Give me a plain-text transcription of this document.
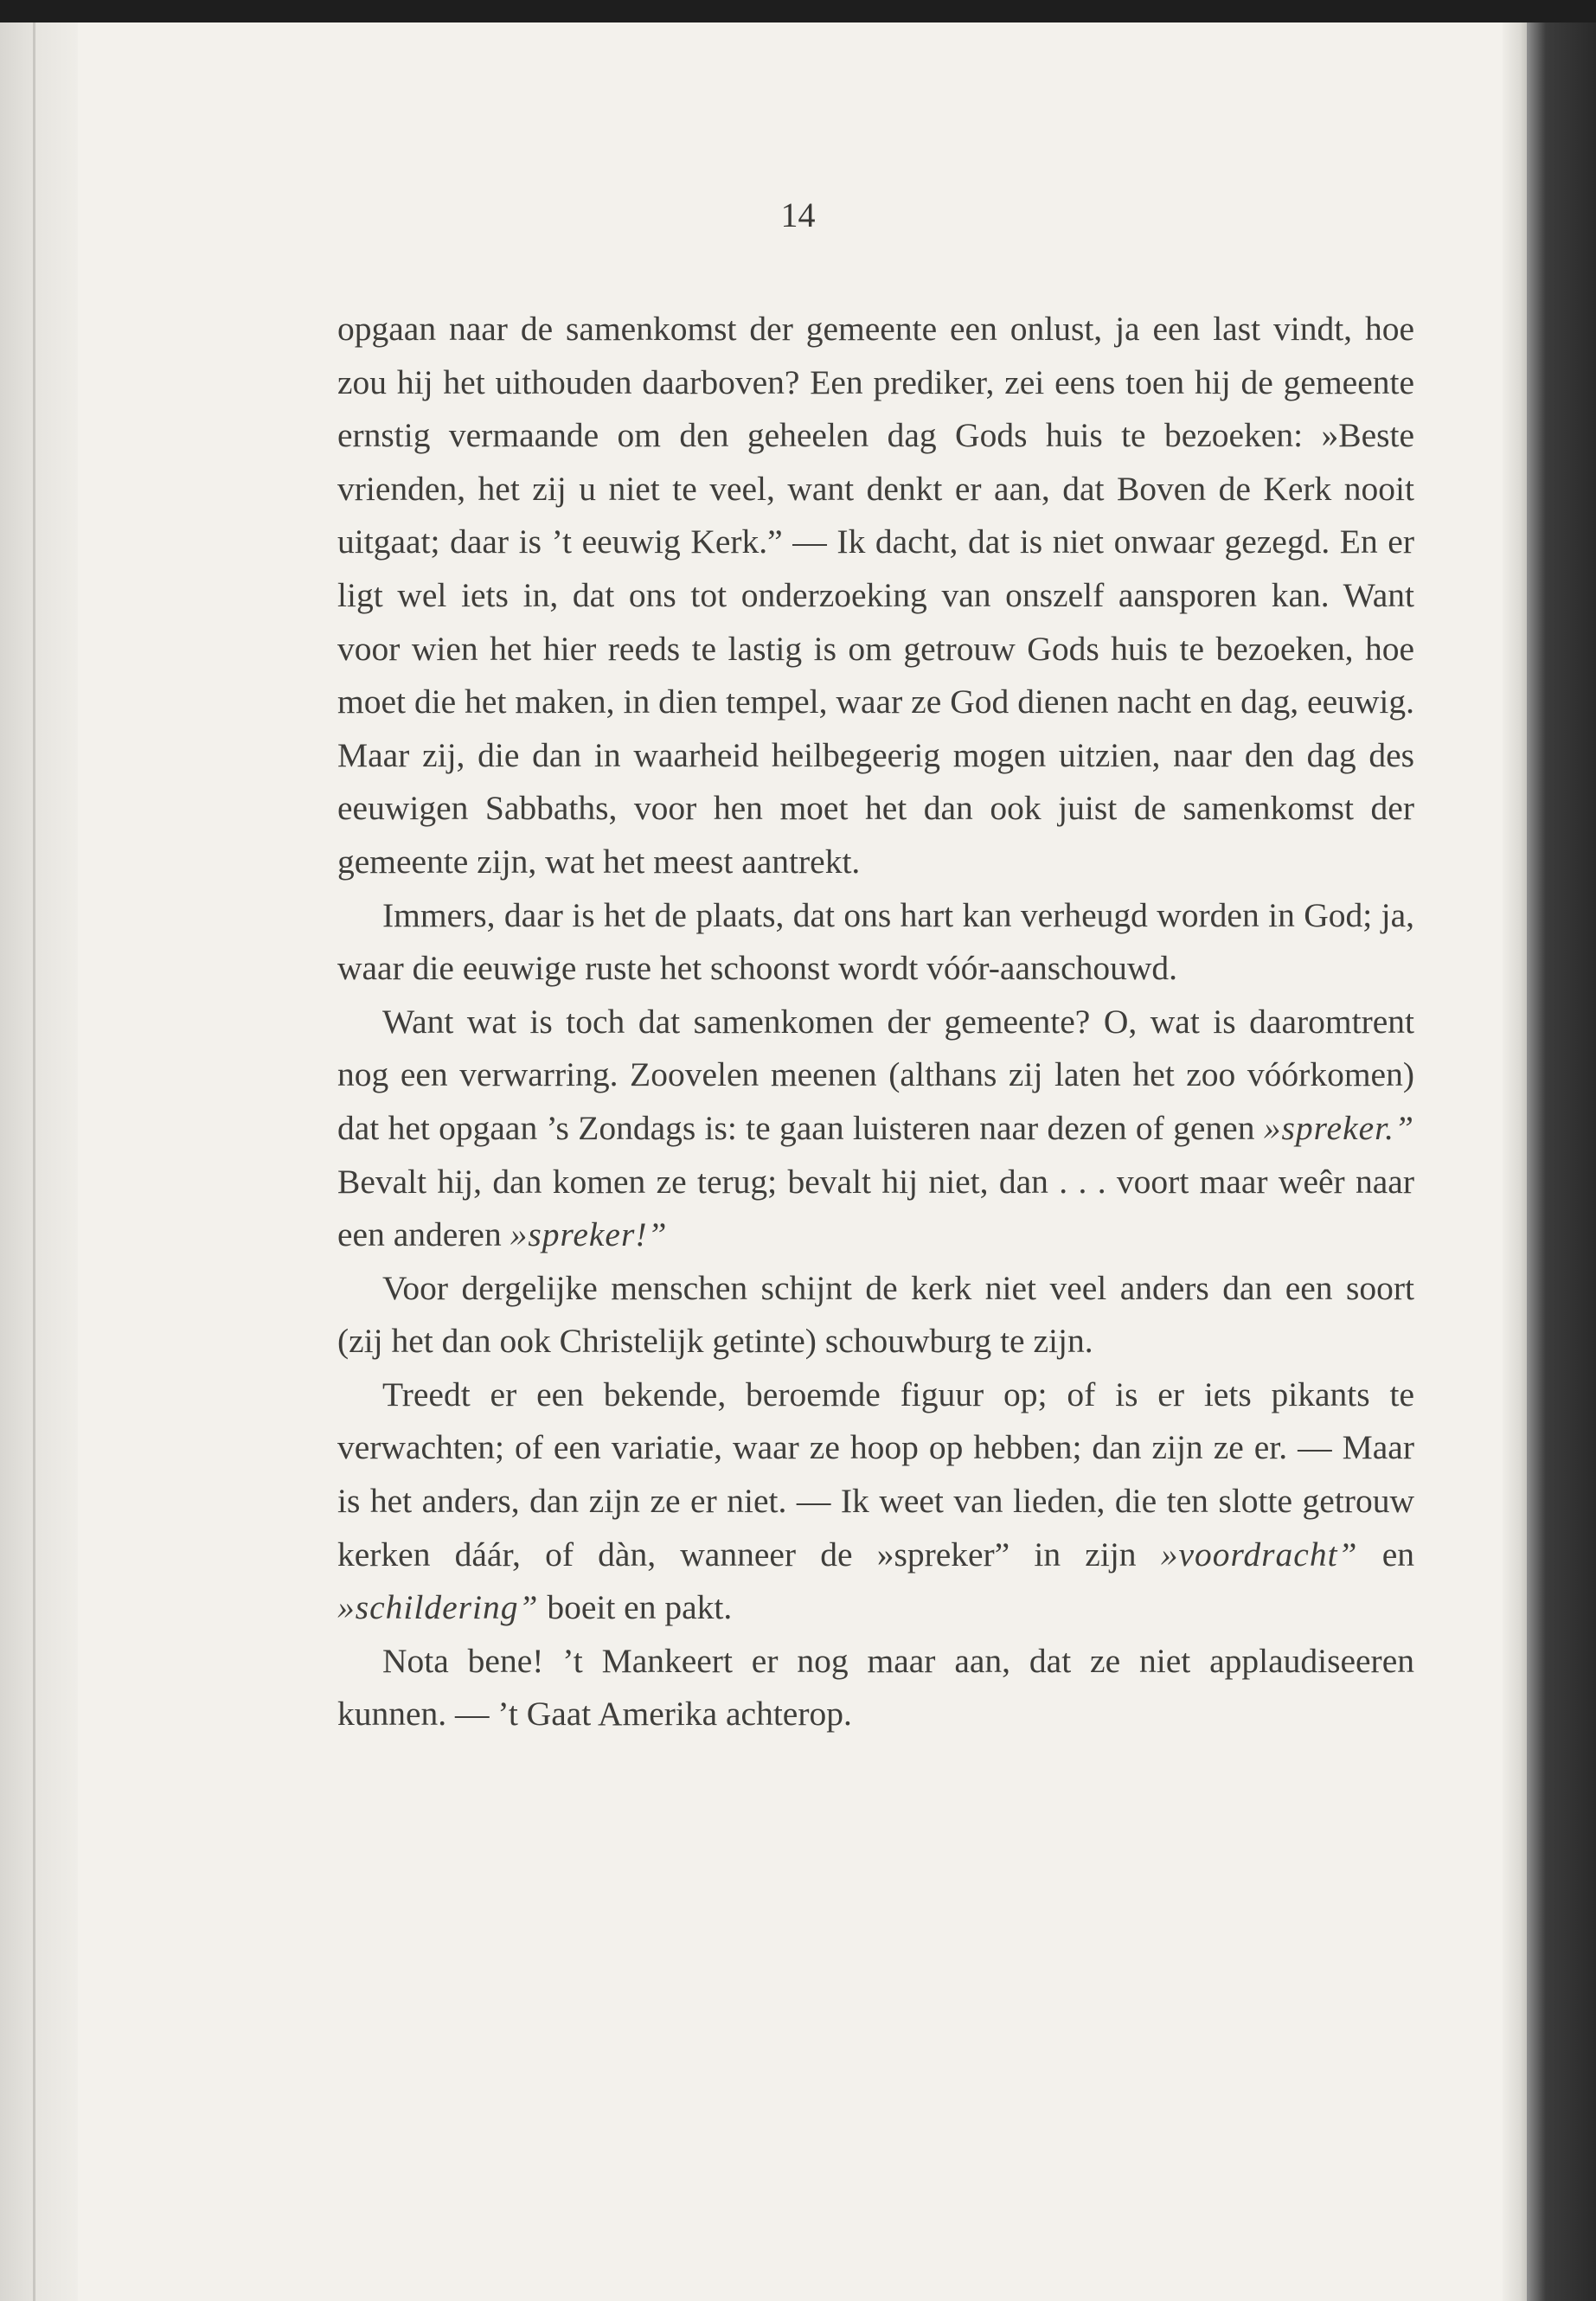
14

opgaan naar de samenkomst der gemeente een onlust, ja een last vindt, hoe zou hij het uithouden daarboven? Een prediker, zei eens toen hij de gemeente ernstig vermaande om den geheelen dag Gods huis te bezoeken: »Beste vrienden, het zij u niet te veel, want denkt er aan, dat Boven de Kerk nooit uitgaat; daar is ’t eeuwig Kerk.” — Ik dacht, dat is niet onwaar gezegd. En er ligt wel iets in, dat ons tot onderzoeking van onszelf aansporen kan. Want voor wien het hier reeds te lastig is om getrouw Gods huis te bezoeken, hoe moet die het maken, in dien tempel, waar ze God dienen nacht en dag, eeuwig. Maar zij, die dan in waarheid heilbegeerig mogen uitzien, naar den dag des eeuwigen Sabbaths, voor hen moet het dan ook juist de samenkomst der gemeente zijn, wat het meest aantrekt.

Immers, daar is het de plaats, dat ons hart kan verheugd worden in God; ja, waar die eeuwige ruste het schoonst wordt vóór-aanschouwd.

Want wat is toch dat samenkomen der gemeente? O, wat is daaromtrent nog een verwarring. Zoovelen meenen (althans zij laten het zoo vóórkomen) dat het opgaan ’s Zondags is: te gaan luisteren naar dezen of genen »spreker.” Bevalt hij, dan komen ze terug; bevalt hij niet, dan . . . voort maar weêr naar een anderen »spreker!”

Voor dergelijke menschen schijnt de kerk niet veel anders dan een soort (zij het dan ook Christelijk getinte) schouwburg te zijn.

Treedt er een bekende, beroemde figuur op; of is er iets pikants te verwachten; of een variatie, waar ze hoop op hebben; dan zijn ze er. — Maar is het anders, dan zijn ze er niet. — Ik weet van lieden, die ten slotte getrouw kerken dáár, of dàn, wanneer de »spreker” in zijn »voordracht” en »schildering” boeit en pakt.

Nota bene! ’t Mankeert er nog maar aan, dat ze niet applaudiseeren kunnen. — ’t Gaat Amerika achterop.
